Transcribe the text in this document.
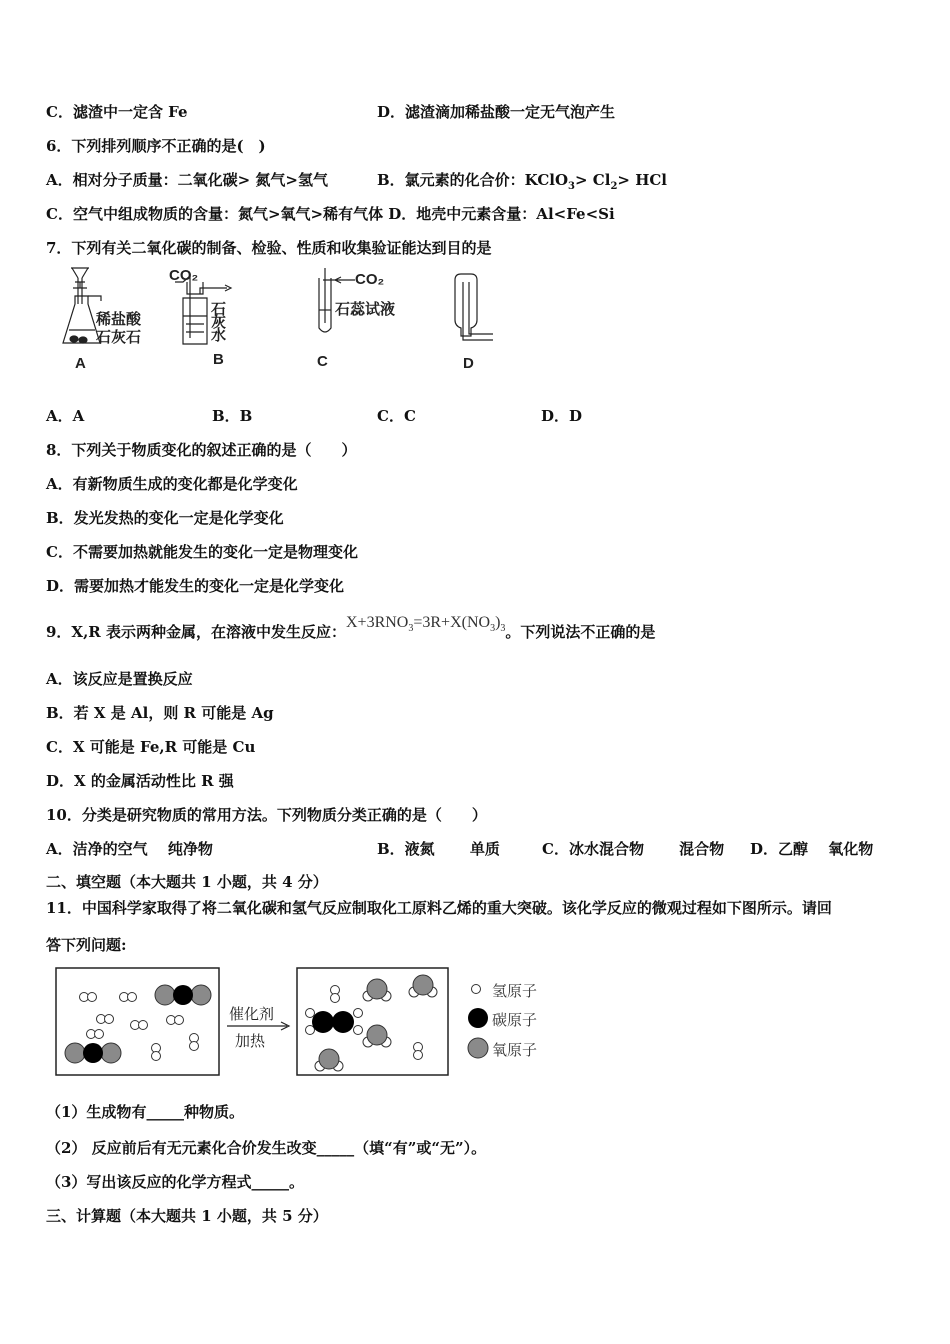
C．滤渣中一定含 Fe	D．滤渣滴加稀盐酸一定无气泡产生
6．下列排列顺序不正确的是(　)
A．相对分子质量：二氧化碳> 氮气>氢气	B．氯元素的化合价：KClO$_3$> $Cl_2>$ HCl
C．空气中组成物质的含量：氮气>氧气>稀有气体 D．地壳中元素含量：Al<Fe<Si
7．下列有关二氧化碳的制备、检验、性质和收集验证能达到目的是
稀盐酸
石灰石
A
CO₂
石
灰
水
B
CO₂
石蕊试液
C	D
A．A	B．B	C．C	D．D
8．下列关于物质变化的叙述正确的是（　　）
A．有新物质生成的变化都是化学变化
B．发光发热的变化一定是化学变化
C．不需要加热就能发生的变化一定是物理变化
D．需要加热才能发生的变化一定是化学变化
9．X,R 表示两种金属，在溶液中发生反应：$X+3RNO_3=3R+X(NO_3)_3$。下列说法不正确的是
A．该反应是置换反应
B．若 X 是 Al，则 R 可能是 Ag
C．X 可能是 Fe,R 可能是 Cu
D．X 的金属活动性比 R 强
10．分类是研究物质的常用方法。下列物质分类正确的是（　　）
A．洁净的空气　 纯净物	B．液氮　　 单质	C．冰水混合物　　 混合物 D．乙醇　 氧化物
二、填空题（本大题共 1 小题，共 4 分）
11．中国科学家取得了将二氧化碳和氢气反应制取化工原料乙烯的重大突破。该化学反应的微观过程如下图所示。请回
答下列问题:
催化剂
加热
氢原子
碳原子
氧原子
（1）生成物有_____种物质。
（2） 反应前后有无元素化合价发生改变_____（填“有”或“无”）。
（3）写出该反应的化学方程式_____。
三、计算题（本大题共 1 小题，共 5 分）
